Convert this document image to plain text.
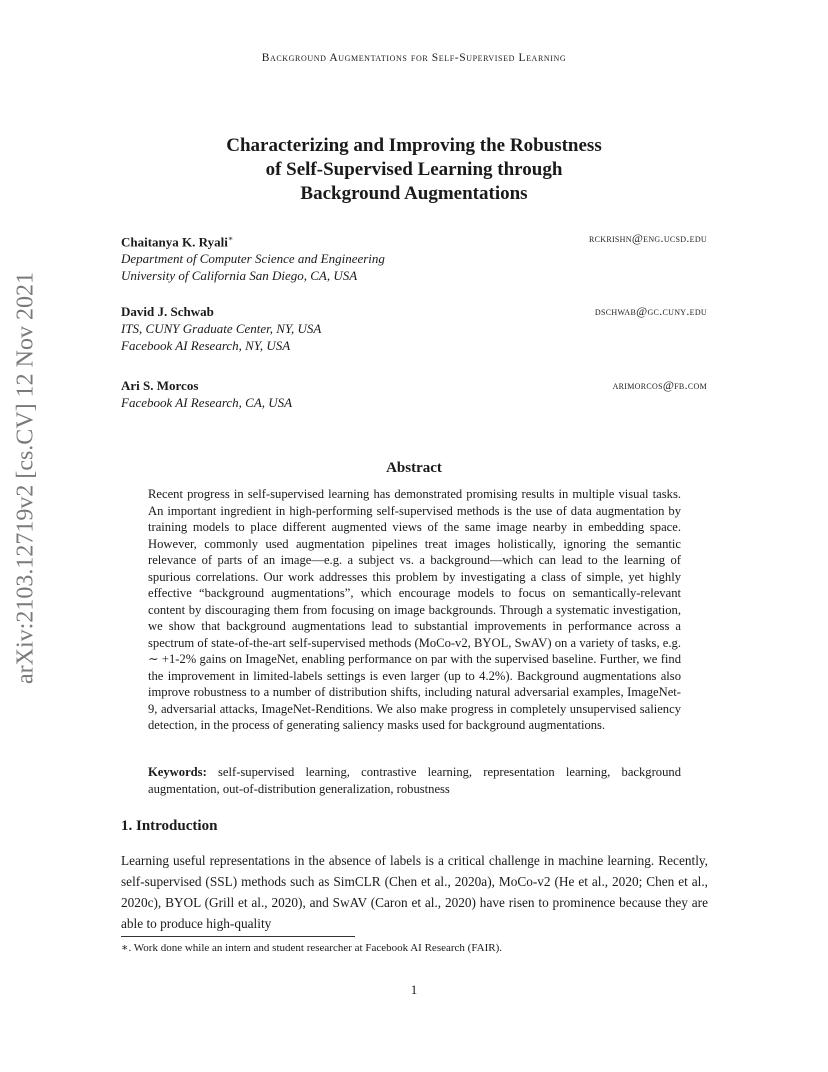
Background Augmentations for Self-Supervised Learning
Characterizing and Improving the Robustness
of Self-Supervised Learning through
Background Augmentations
Chaitanya K. Ryali∗	rckrishn@eng.ucsd.edu
Department of Computer Science and Engineering
University of California San Diego, CA, USA
David J. Schwab	dschwab@gc.cuny.edu
ITS, CUNY Graduate Center, NY, USA
Facebook AI Research, NY, USA
Ari S. Morcos	arimorcos@fb.com
Facebook AI Research, CA, USA
arXiv:2103.12719v2 [cs.CV] 12 Nov 2021	Abstract
Recent progress in self-supervised learning has demonstrated promising results in multiple visual tasks. An important ingredient in high-performing self-supervised methods is the use of data augmentation by training models to place different augmented views of the same image nearby in embedding space. However, commonly used augmentation pipelines treat images holistically, ignoring the semantic relevance of parts of an image—e.g. a subject vs. a background—which can lead to the learning of spurious correlations. Our work addresses this problem by investigating a class of simple, yet highly effective “background augmentations”, which encourage models to focus on semantically-relevant content by discouraging them from focusing on image backgrounds. Through a systematic investigation, we show that background augmentations lead to substantial improvements in performance across a spectrum of state-of-the-art self-supervised methods (MoCo-v2, BYOL, SwAV) on a variety of tasks, e.g. ∼ +1-2% gains on ImageNet, enabling performance on par with the supervised baseline. Further, we find the improvement in limited-labels settings is even larger (up to 4.2%). Background augmentations also improve robustness to a number of distribution shifts, including natural adversarial examples, ImageNet-9, adversarial attacks, ImageNet-Renditions. We also make progress in completely unsupervised saliency detection, in the process of generating saliency masks used for background augmentations.
Keywords: self-supervised learning, contrastive learning, representation learning, background augmentation, out-of-distribution generalization, robustness
1. Introduction
Learning useful representations in the absence of labels is a critical challenge in machine learning. Recently, self-supervised (SSL) methods such as SimCLR (Chen et al., 2020a), MoCo-v2 (He et al., 2020; Chen et al., 2020c), BYOL (Grill et al., 2020), and SwAV (Caron et al., 2020) have risen to prominence because they are able to produce high-quality
∗. Work done while an intern and student researcher at Facebook AI Research (FAIR).
1
